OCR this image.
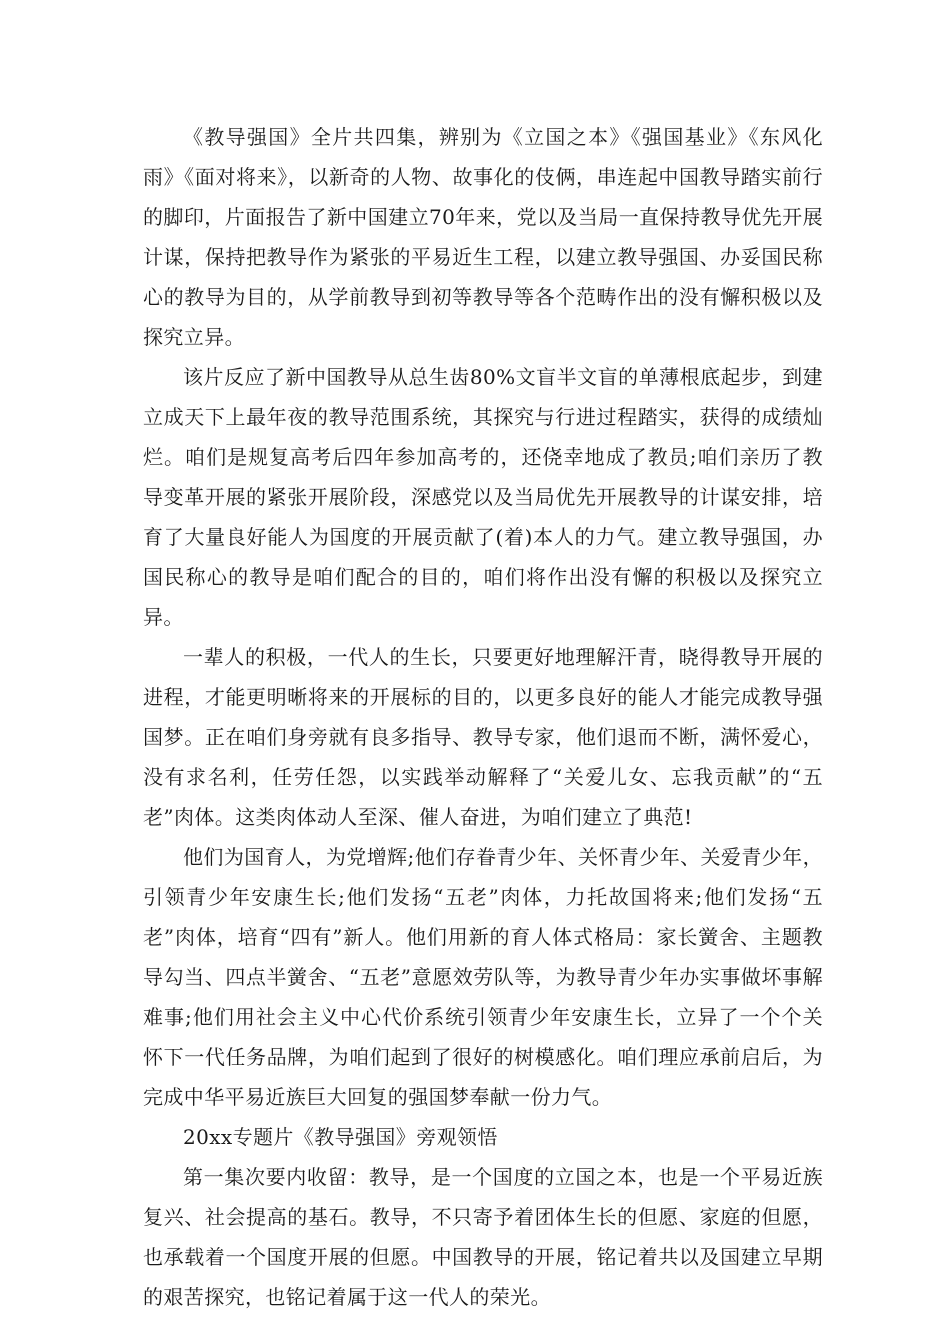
《教导强国》全片共四集，辨别为《立国之本》《强国基业》《东风化雨》《面对将来》，以新奇的人物、故事化的伎俩，串连起中国教导踏实前行的脚印，片面报告了新中国建立70年来，党以及当局一直保持教导优先开展计谋，保持把教导作为紧张的平易近生工程，以建立教导强国、办妥国民称心的教导为目的，从学前教导到初等教导等各个范畴作出的没有懈积极以及探究立异。

该片反应了新中国教导从总生齿80%文盲半文盲的单薄根底起步，到建立成天下上最年夜的教导范围系统，其探究与行进过程踏实，获得的成绩灿烂。咱们是规复高考后四年参加高考的，还侥幸地成了教员;咱们亲历了教导变革开展的紧张开展阶段，深感党以及当局优先开展教导的计谋安排，培育了大量良好能人为国度的开展贡献了(着)本人的力气。建立教导强国，办国民称心的教导是咱们配合的目的，咱们将作出没有懈的积极以及探究立异。

一辈人的积极，一代人的生长，只要更好地理解汗青，晓得教导开展的进程，才能更明晰将来的开展标的目的，以更多良好的能人才能完成教导强国梦。正在咱们身旁就有良多指导、教导专家，他们退而不断，满怀爱心，没有求名利，任劳任怨，以实践举动解释了“关爱儿女、忘我贡献”的“五老”肉体。这类肉体动人至深、催人奋进，为咱们建立了典范!

他们为国育人，为党增辉;他们存眷青少年、关怀青少年、关爱青少年，引领青少年安康生长;他们发扬“五老”肉体，力托故国将来;他们发扬“五老”肉体，培育“四有”新人。他们用新的育人体式格局：家长黉舍、主题教导勾当、四点半黉舍、“五老”意愿效劳队等，为教导青少年办实事做坏事解难事;他们用社会主义中心代价系统引领青少年安康生长，立异了一个个关怀下一代任务品牌，为咱们起到了很好的树模感化。咱们理应承前启后，为完成中华平易近族巨大回复的强国梦奉献一份力气。

20xx专题片《教导强国》旁观领悟

第一集次要内收留：教导，是一个国度的立国之本，也是一个平易近族复兴、社会提高的基石。教导，不只寄予着团体生长的但愿、家庭的但愿，也承载着一个国度开展的但愿。中国教导的开展，铭记着共以及国建立早期的艰苦探究，也铭记着属于这一代人的荣光。
